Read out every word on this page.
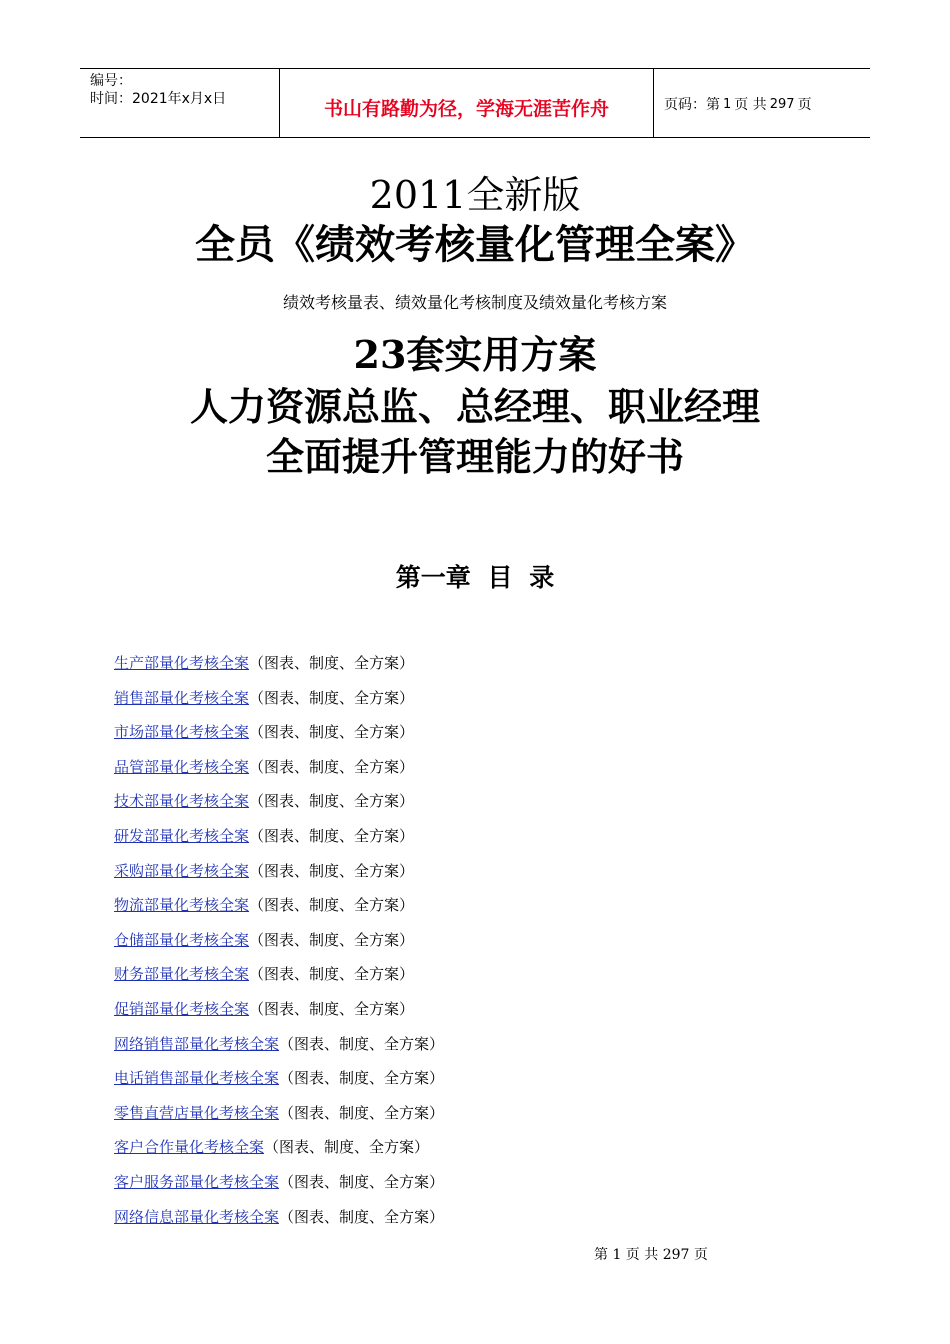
编号：
时间：2021年x月x日	书山有路勤为径，学海无涯苦作舟	页码：第 1 页 共 297 页
2011全新版
全员《绩效考核量化管理全案》
绩效考核量表、绩效量化考核制度及绩效量化考核方案
23套实用方案
人力资源总监、总经理、职业经理
全面提升管理能力的好书
第一章 目 录
生产部量化考核全案（图表、制度、全方案）
销售部量化考核全案（图表、制度、全方案）
市场部量化考核全案（图表、制度、全方案）
品管部量化考核全案（图表、制度、全方案）
技术部量化考核全案（图表、制度、全方案）
研发部量化考核全案（图表、制度、全方案）
采购部量化考核全案（图表、制度、全方案）
物流部量化考核全案（图表、制度、全方案）
仓储部量化考核全案（图表、制度、全方案）
财务部量化考核全案（图表、制度、全方案）
促销部量化考核全案（图表、制度、全方案）
网络销售部量化考核全案（图表、制度、全方案）
电话销售部量化考核全案（图表、制度、全方案）
零售直营店量化考核全案（图表、制度、全方案）
客户合作量化考核全案（图表、制度、全方案）
客户服务部量化考核全案（图表、制度、全方案）
网络信息部量化考核全案（图表、制度、全方案）
第 1 页 共 297 页
